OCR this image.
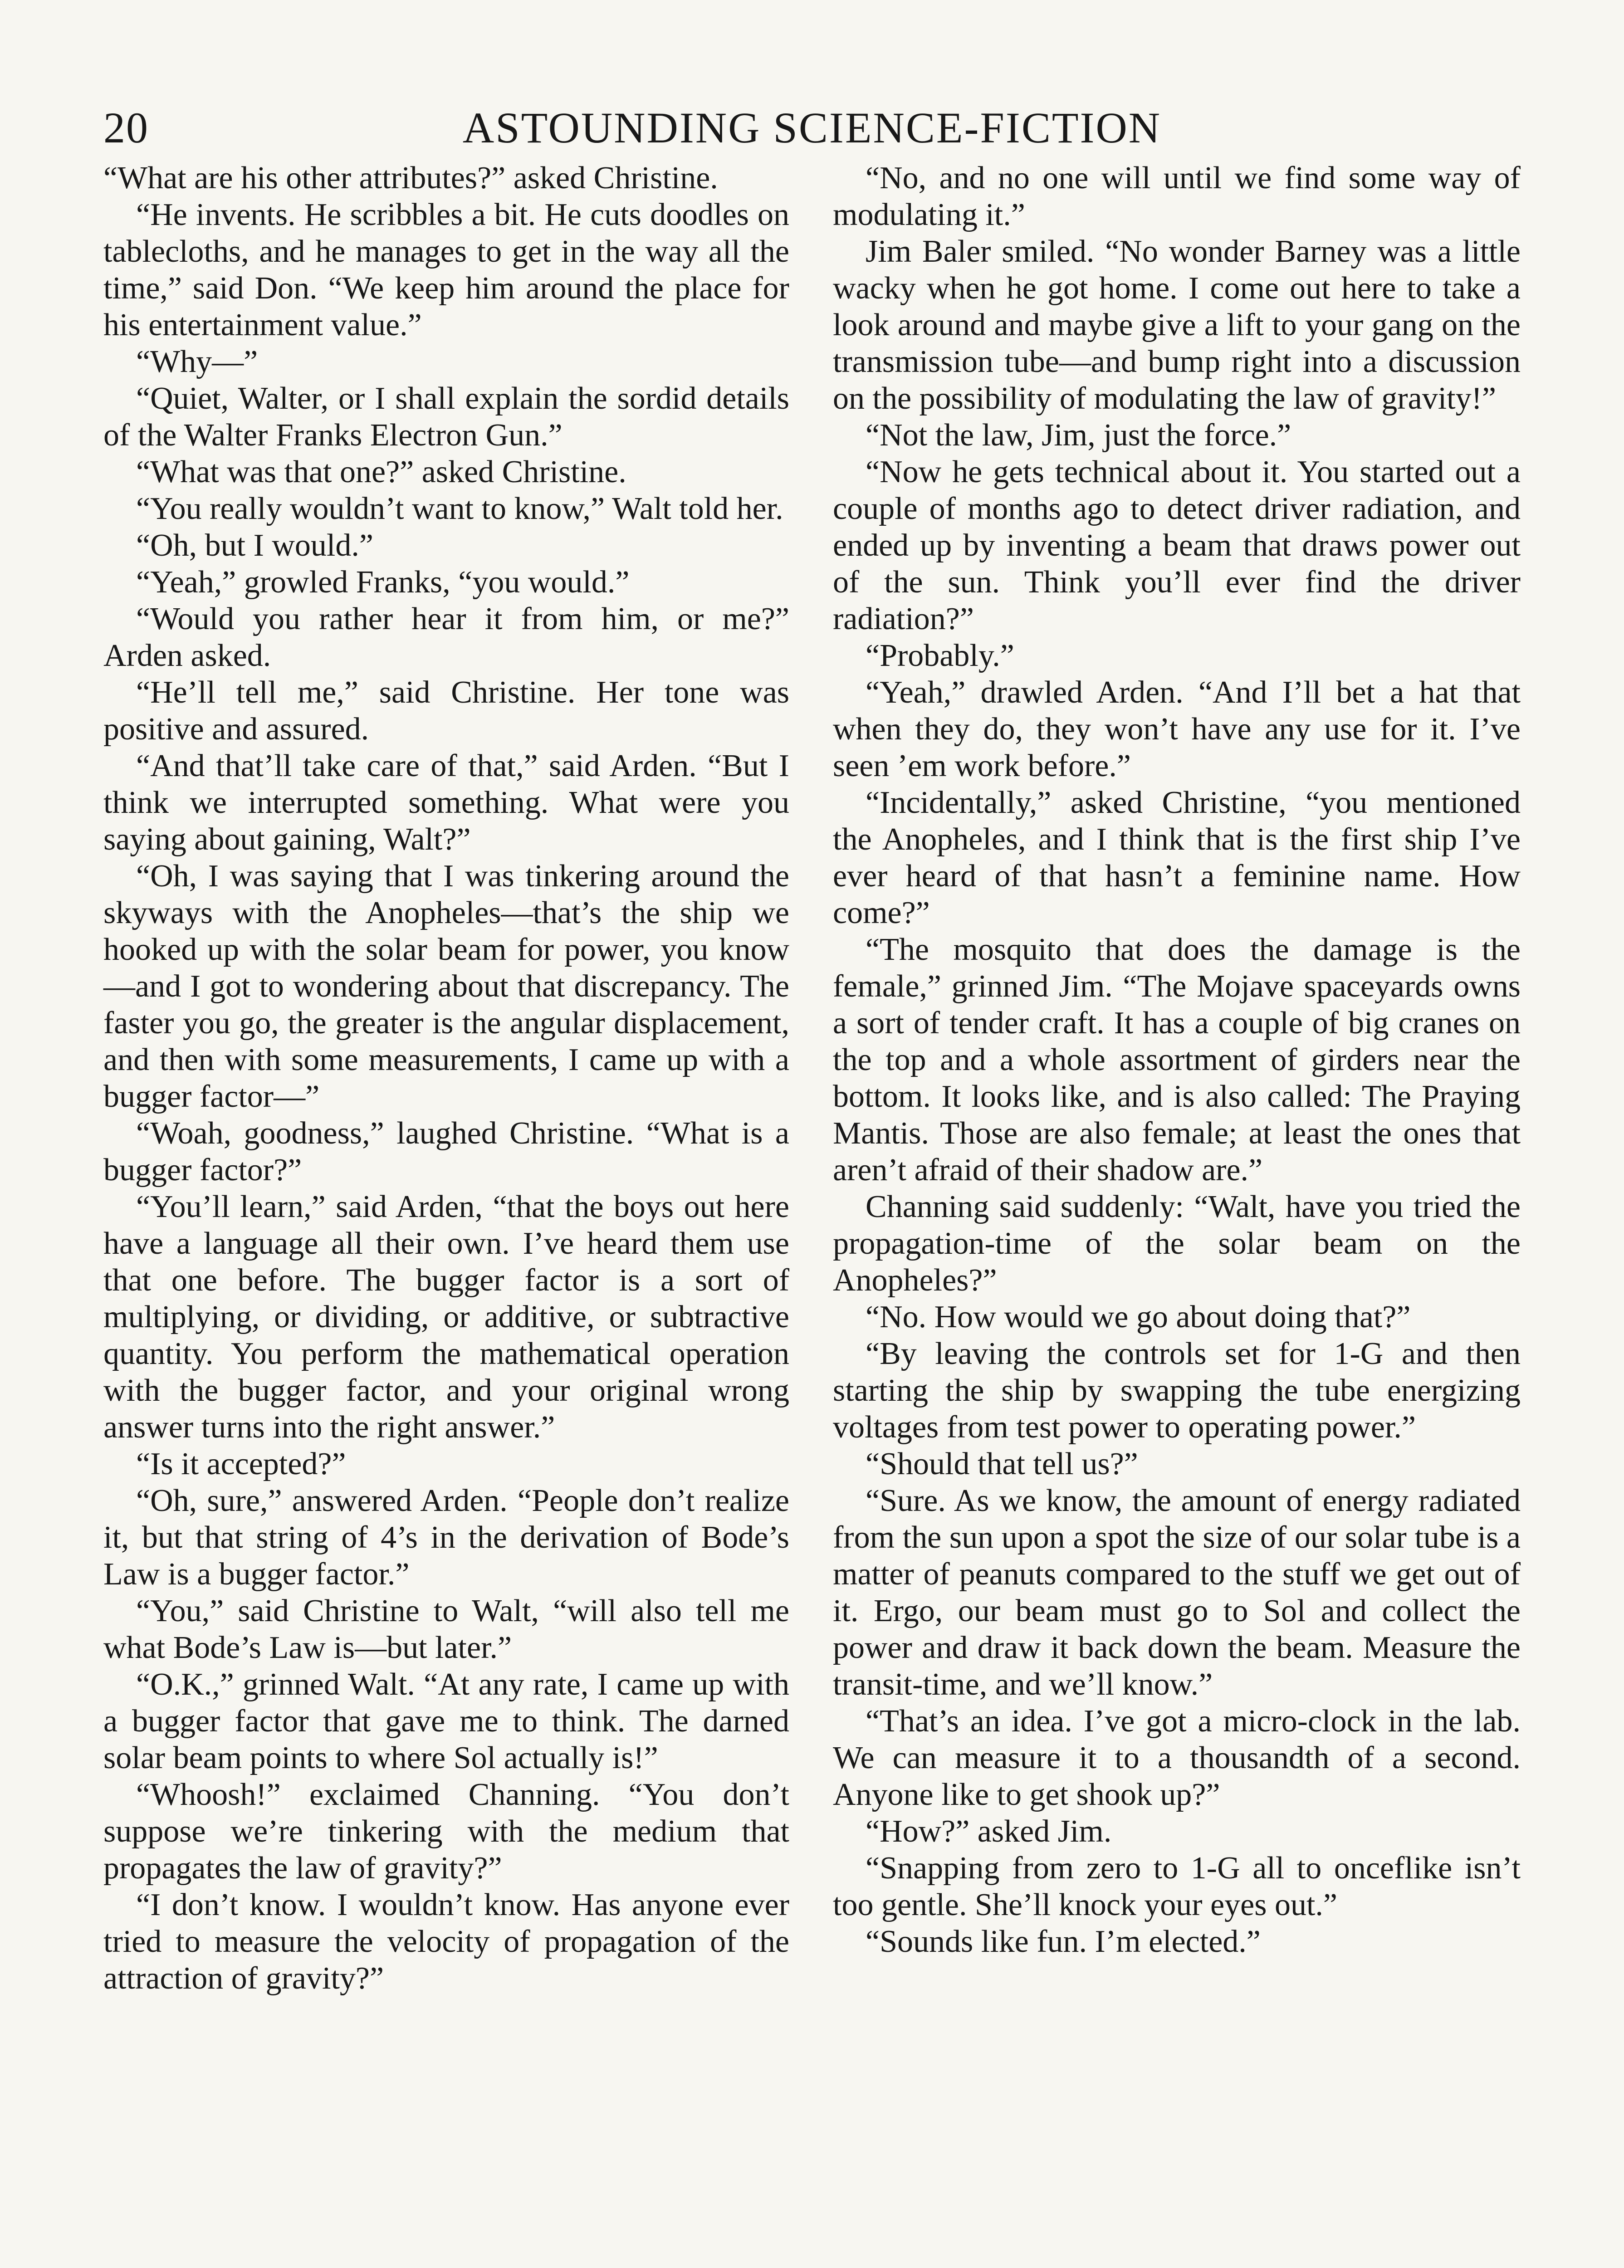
20	ASTOUNDING SCIENCE-FICTION

“What are his other attributes?” asked Christine.

“He invents. He scribbles a bit. He cuts doodles on tablecloths, and he manages to get in the way all the time,” said Don. “We keep him around the place for his entertainment value.”

“Why—”

“Quiet, Walter, or I shall explain the sordid details of the Walter Franks Electron Gun.”

“What was that one?” asked Christine.

“You really wouldn’t want to know,” Walt told her.

“Oh, but I would.”

“Yeah,” growled Franks, “you would.”

“Would you rather hear it from him, or me?” Arden asked.

“He’ll tell me,” said Christine. Her tone was positive and assured.

“And that’ll take care of that,” said Arden. “But I think we interrupted something. What were you saying about gaining, Walt?”

“Oh, I was saying that I was tinkering around the skyways with the Anopheles—that’s the ship we hooked up with the solar beam for power, you know—and I got to wondering about that discrepancy. The faster you go, the greater is the angular displacement, and then with some measurements, I came up with a bugger factor—”

“Woah, goodness,” laughed Christine. “What is a bugger factor?”

“You’ll learn,” said Arden, “that the boys out here have a language all their own. I’ve heard them use that one before. The bugger factor is a sort of multiplying, or dividing, or additive, or subtractive quantity. You perform the mathematical operation with the bugger factor, and your original wrong answer turns into the right answer.”

“Is it accepted?”

“Oh, sure,” answered Arden. “People don’t realize it, but that string of 4’s in the derivation of Bode’s Law is a bugger factor.”

“You,” said Christine to Walt, “will also tell me what Bode’s Law is—but later.”

“O.K.,” grinned Walt. “At any rate, I came up with a bugger factor that gave me to think. The darned solar beam points to where Sol actually is!”

“Whoosh!” exclaimed Channing. “You don’t suppose we’re tinkering with the medium that propagates the law of gravity?”

“I don’t know. I wouldn’t know. Has anyone ever tried to measure the velocity of propagation of the attraction of gravity?”

“No, and no one will until we find some way of modulating it.”

Jim Baler smiled. “No wonder Barney was a little wacky when he got home. I come out here to take a look around and maybe give a lift to your gang on the transmission tube—and bump right into a discussion on the possibility of modulating the law of gravity!”

“Not the law, Jim, just the force.”

“Now he gets technical about it. You started out a couple of months ago to detect driver radiation, and ended up by inventing a beam that draws power out of the sun. Think you’ll ever find the driver radiation?”

“Probably.”

“Yeah,” drawled Arden. “And I’ll bet a hat that when they do, they won’t have any use for it. I’ve seen ’em work before.”

“Incidentally,” asked Christine, “you mentioned the Anopheles, and I think that is the first ship I’ve ever heard of that hasn’t a feminine name. How come?”

“The mosquito that does the damage is the female,” grinned Jim. “The Mojave spaceyards owns a sort of tender craft. It has a couple of big cranes on the top and a whole assortment of girders near the bottom. It looks like, and is also called: The Praying Mantis. Those are also female; at least the ones that aren’t afraid of their shadow are.”

Channing said suddenly: “Walt, have you tried the propagation-time of the solar beam on the Anopheles?”

“No. How would we go about doing that?”

“By leaving the controls set for 1-G and then starting the ship by swapping the tube energizing voltages from test power to operating power.”

“Should that tell us?”

“Sure. As we know, the amount of energy radiated from the sun upon a spot the size of our solar tube is a matter of peanuts compared to the stuff we get out of it. Ergo, our beam must go to Sol and collect the power and draw it back down the beam. Measure the transit-time, and we’ll know.”

“That’s an idea. I’ve got a micro-clock in the lab. We can measure it to a thousandth of a second. Anyone like to get shook up?”

“How?” asked Jim.

“Snapping from zero to 1-G all to onceflike isn’t too gentle. She’ll knock your eyes out.”

“Sounds like fun. I’m elected.”
